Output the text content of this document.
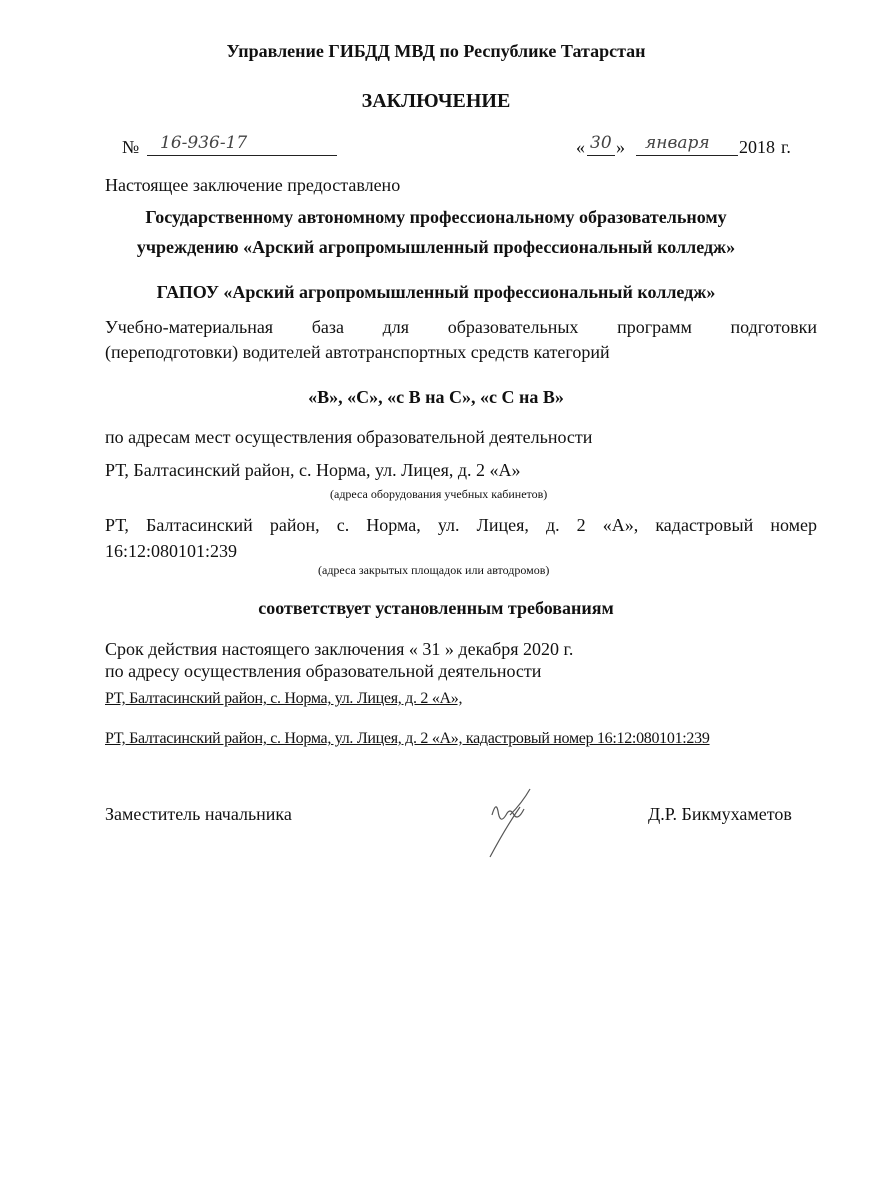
Управление ГИБДД МВД по Республике Татарстан
ЗАКЛЮЧЕНИЕ
№ 16-936-17	« 30 » января 2018 г.
Настоящее заключение предоставлено
Государственному автономному профессиональному образовательному
учреждению «Арский агропромышленный профессиональный колледж»
ГАПОУ «Арский агропромышленный профессиональный колледж»
Учебно-материальная база для образовательных программ подготовки
(переподготовки) водителей автотранспортных средств категорий
«В», «С», «с В на С», «с С на В»
по адресам мест осуществления образовательной деятельности
РТ, Балтасинский район, с. Норма, ул. Лицея, д. 2 «А»
(адреса оборудования учебных кабинетов)
РТ, Балтасинский район, с. Норма, ул. Лицея, д. 2 «А», кадастровый номер
16:12:080101:239
(адреса закрытых площадок или автодромов)
соответствует установленным требованиям
Срок действия настоящего заключения « 31 » декабря 2020 г.
по адресу осуществления образовательной деятельности
РТ, Балтасинский район, с. Норма, ул. Лицея, д. 2 «А»,
РТ, Балтасинский район, с. Норма, ул. Лицея, д. 2 «А», кадастровый номер 16:12:080101:239
Заместитель начальника	Д.Р. Бикмухаметов
